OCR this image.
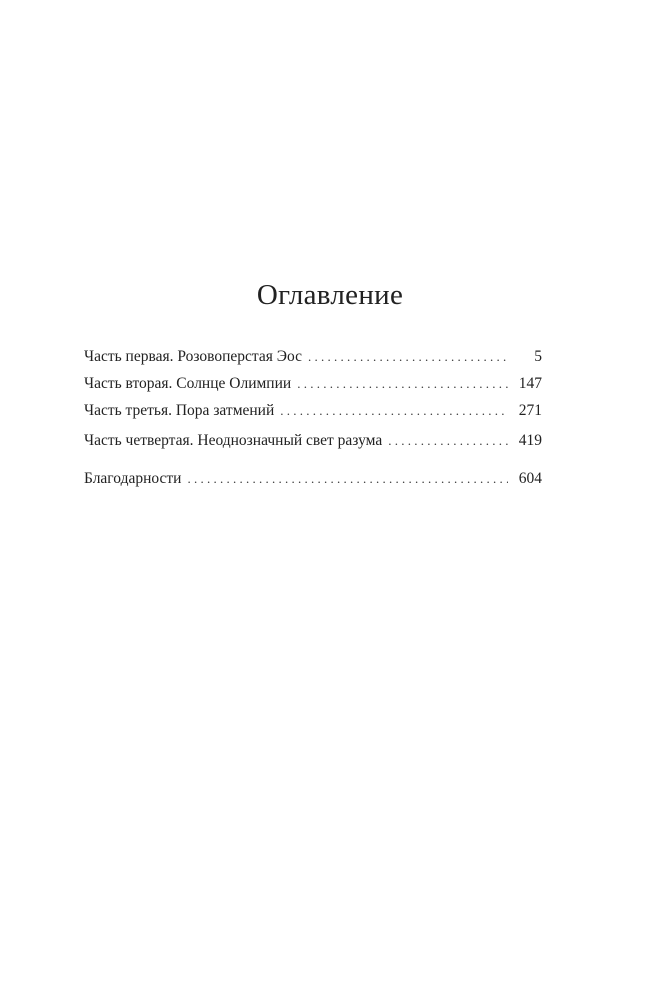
Оглавление
Часть первая. Розовоперстая Эос . . .	5
Часть вторая. Солнце Олимпии . . .	147
Часть третья. Пора затмений . . .	271
Часть четвертая. Неоднозначный свет разума . . .	419
Благодарности . . .	604
